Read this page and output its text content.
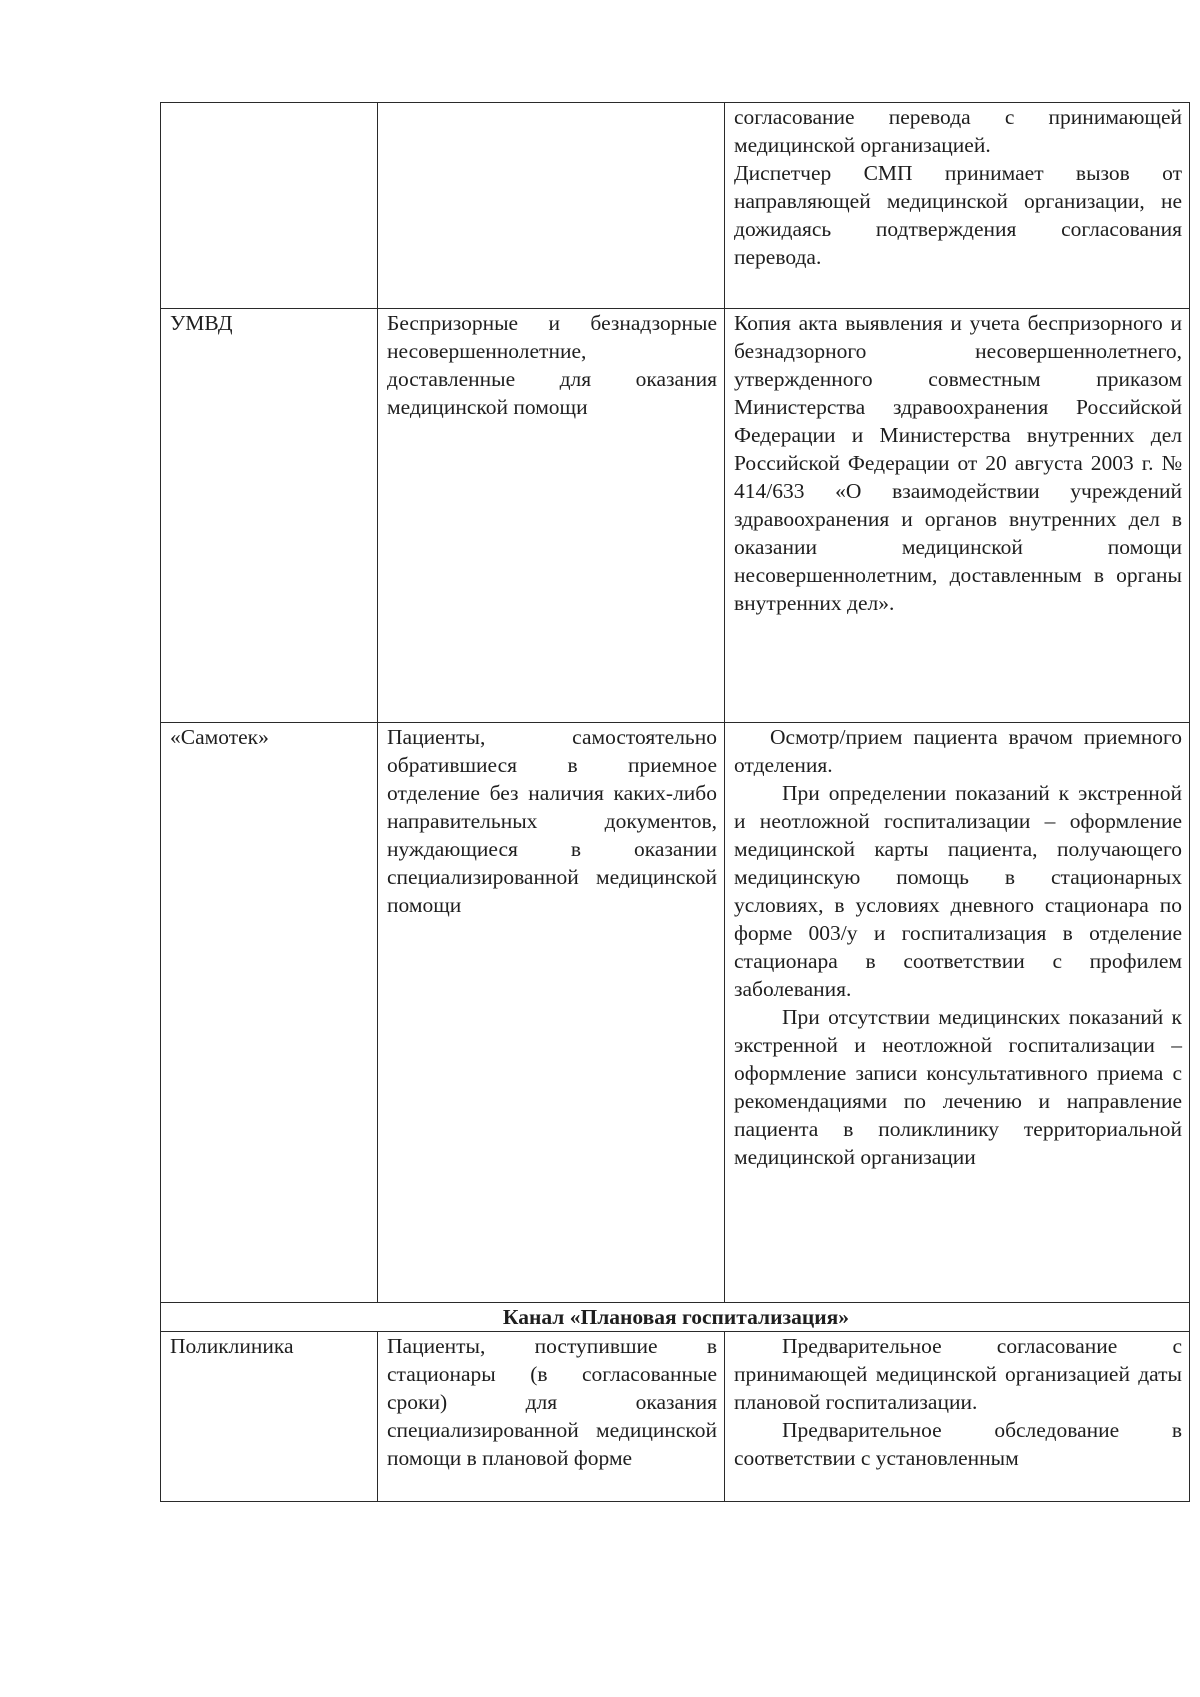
		согласование перевода с принимающей медицинской организацией.
Диспетчер СМП принимает вызов от направляющей медицинской организации, не дожидаясь подтверждения согласования перевода.

УМВД	Беспризорные и безнадзорные несовершеннолетние, доставленные для оказания медицинской помощи	Копия акта выявления и учета беспризорного и безнадзорного несовершеннолетнего, утвержденного совместным приказом Министерства здравоохранения Российской Федерации и Министерства внутренних дел Российской Федерации от 20 августа 2003 г. № 414/633 «О взаимодействии учреждений здравоохранения и органов внутренних дел в оказании медицинской помощи несовершеннолетним, доставленным в органы внутренних дел».

«Самотек»	Пациенты, самостоятельно обратившиеся в приемное отделение без наличия каких-либо направительных документов, нуждающиеся в оказании специализированной медицинской помощи	Осмотр/прием пациента врачом приемного отделения.
При определении показаний к экстренной и неотложной госпитализации – оформление медицинской карты пациента, получающего медицинскую помощь в стационарных условиях, в условиях дневного стационара по форме 003/у и госпитализация в отделение стационара в соответствии с профилем заболевания.
При отсутствии медицинских показаний к экстренной и неотложной госпитализации – оформление записи консультативного приема с рекомендациями по лечению и направление пациента в поликлинику территориальной медицинской организации

Канал «Плановая госпитализация»		
Поликлиника	Пациенты, поступившие в стационары (в согласованные сроки) для оказания специализированной медицинской помощи в плановой форме	Предварительное согласование с принимающей медицинской организацией даты плановой госпитализации.
Предварительное обследование в соответствии с установленным
